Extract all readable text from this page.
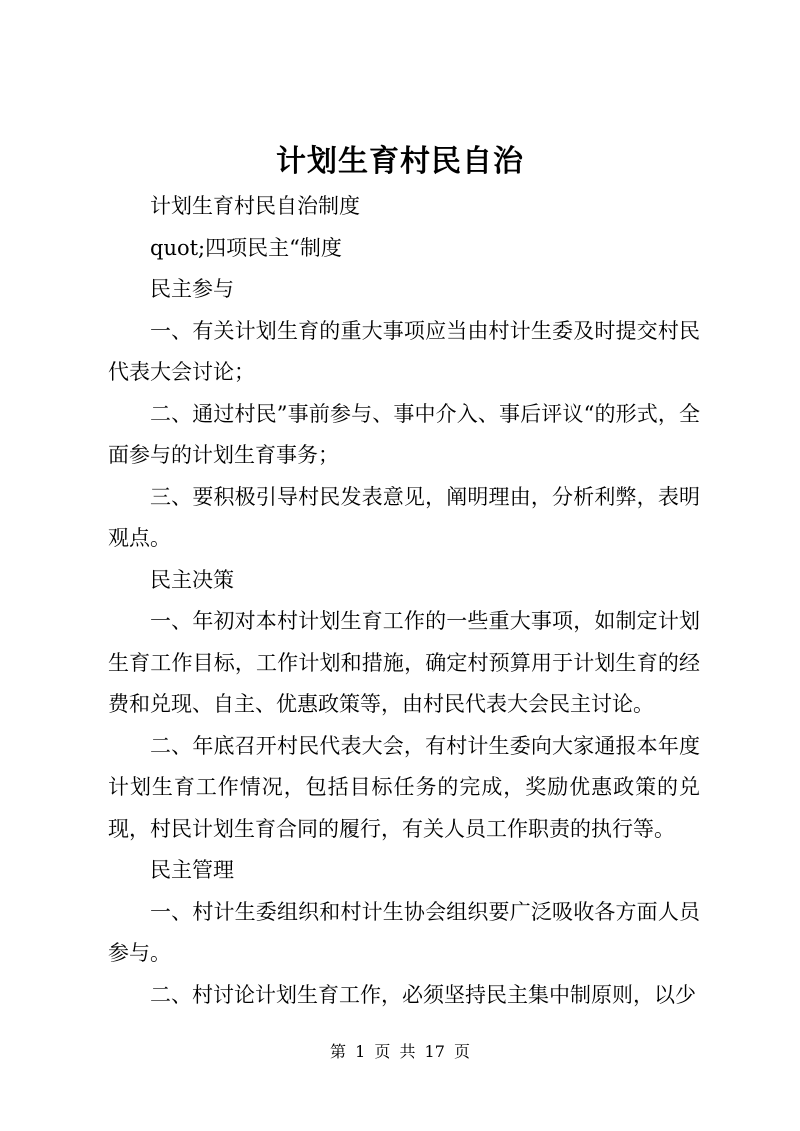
计划生育村民自治

计划生育村民自治制度

quot;四项民主“制度

民主参与

一、有关计划生育的重大事项应当由村计生委及时提交村民代表大会讨论；

二、通过村民”事前参与、事中介入、事后评议“的形式，全面参与的计划生育事务；

三、要积极引导村民发表意见，阐明理由，分析利弊，表明观点。

民主决策

一、年初对本村计划生育工作的一些重大事项，如制定计划生育工作目标，工作计划和措施，确定村预算用于计划生育的经费和兑现、自主、优惠政策等，由村民代表大会民主讨论。

二、年底召开村民代表大会，有村计生委向大家通报本年度计划生育工作情况，包括目标任务的完成，奖励优惠政策的兑现，村民计划生育合同的履行，有关人员工作职责的执行等。

民主管理

一、村计生委组织和村计生协会组织要广泛吸收各方面人员参与。

二、村讨论计划生育工作，必须坚持民主集中制原则，以少

第 1 页 共 17 页
